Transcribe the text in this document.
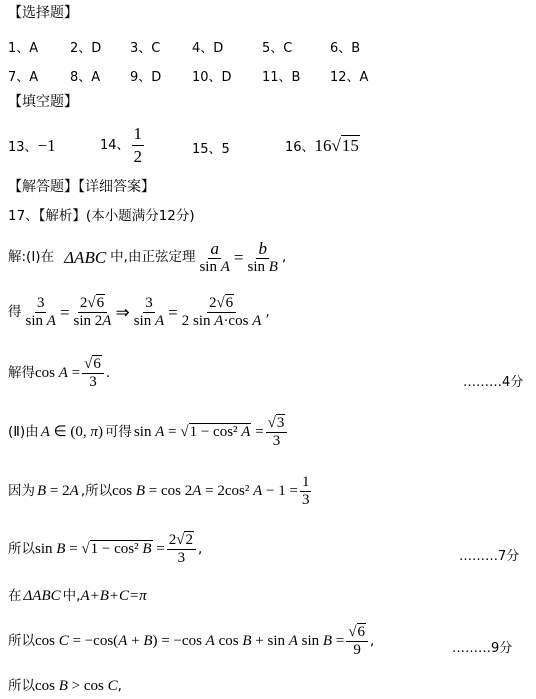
【选择题】
1、A 2、D 3、C 4、D	5、C	6、B
7、A 8、A 9、D 10、D 11、B 12、A
【填空题】
13、−1	14、 $\frac{1}{2}$	15、5	16、16√15
【解答题】【详细答案】
17、【解析】(本小题满分12分)
解:(Ⅰ)在 ΔABC 中,由正弦定理 $\frac{a}{\text{sin A}} = \frac{b}{\text{sin B}}$ ,
得 $\frac{3}{\text{sin A}} = \frac{2√6}{\sin 2A}$ ⇒ $\frac{3}{\text{sin A}} = \frac{2√6}{\text{2 sin A·cos A}}$ ,
解得 $\cos A = \frac{√6}{3}$ .
………4分
(Ⅱ)由 A ∈ (0, π) 可得 sin A = √1 − cos² $A = \frac{√3}{3}$
因为 B = 2A ,所以 cos B = cos 2A = 2cos² $A - 1 = \frac{1}{3}$
所以 sin B = √1 − cos² $B = \frac{2√2}{3}$ ,	………7分
在 ΔABC 中, A+B+C=π
所以 cos C = −cos(A + B) = −cos A cos B + sin A $\sin B = \frac{√6}{9}$ ,	………9分
所以 cos B > cos C ,
